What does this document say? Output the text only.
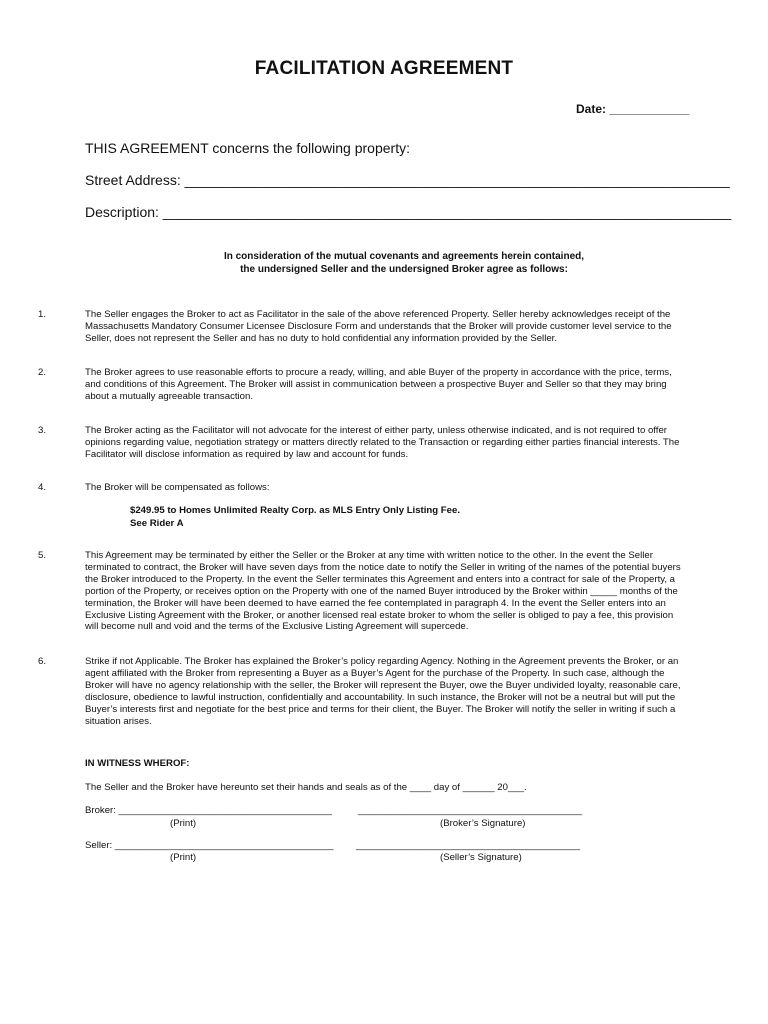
FACILITATION AGREEMENT
Date: ____________
THIS AGREEMENT concerns the following property:
Street Address: ______________________________________________________________________
Description: _________________________________________________________________________
In consideration of the mutual covenants and agreements herein contained,
the undersigned Seller and the undersigned Broker agree as follows:
1.	The Seller engages the Broker to act as Facilitator in the sale of the above referenced Property. Seller hereby acknowledges receipt of the
Massachusetts Mandatory Consumer Licensee Disclosure Form and understands that the Broker will provide customer level service to the
Seller, does not represent the Seller and has no duty to hold confidential any information provided by the Seller.
2.	The Broker agrees to use reasonable efforts to procure a ready, willing, and able Buyer of the property in accordance with the price, terms,
and conditions of this Agreement. The Broker will assist in communication between a prospective Buyer and Seller so that they may bring
about a mutually agreeable transaction.
3.	The Broker acting as the Facilitator will not advocate for the interest of either party, unless otherwise indicated, and is not required to offer
opinions regarding value, negotiation strategy or matters directly related to the Transaction or regarding either parties financial interests. The
Facilitator will disclose information as required by law and account for funds.
4.	The Broker will be compensated as follows:
$249.95 to Homes Unlimited Realty Corp. as MLS Entry Only Listing Fee.
See Rider A
5.	This Agreement may be terminated by either the Seller or the Broker at any time with written notice to the other. In the event the Seller
terminated to contract, the Broker will have seven days from the notice date to notify the Seller in writing of the names of the potential buyers
the Broker introduced to the Property. In the event the Seller terminates this Agreement and enters into a contract for sale of the Property, a
portion of the Property, or receives option on the Property with one of the named Buyer introduced by the Broker within _____ months of the
termination, the Broker will have been deemed to have earned the fee contemplated in paragraph 4. In the event the Seller enters into an
Exclusive Listing Agreement with the Broker, or another licensed real estate broker to whom the seller is obliged to pay a fee, this provision
will become null and void and the terms of the Exclusive Listing Agreement will supercede.
6.	Strike if not Applicable. The Broker has explained the Broker’s policy regarding Agency. Nothing in the Agreement prevents the Broker, or an
agent affiliated with the Broker from representing a Buyer as a Buyer’s Agent for the purchase of the Property. In such case, although the
Broker will have no agency relationship with the seller, the Broker will represent the Buyer, owe the Buyer undivided loyalty, reasonable care,
disclosure, obedience to lawful instruction, confidentially and accountability. In such instance, the Broker will not be a neutral but will put the
Buyer’s interests first and negotiate for the best price and terms for their client, the Buyer. The Broker will notify the seller in writing if such a
situation arises.
IN WITNESS WHEROF:
The Seller and the Broker have hereunto set their hands and seals as of the ____ day of ______ 20___.
Broker: ________________________________________	__________________________________________
(Print)	(Broker’s Signature)
Seller: _________________________________________ __________________________________________
(Print)	(Seller’s Signature)
